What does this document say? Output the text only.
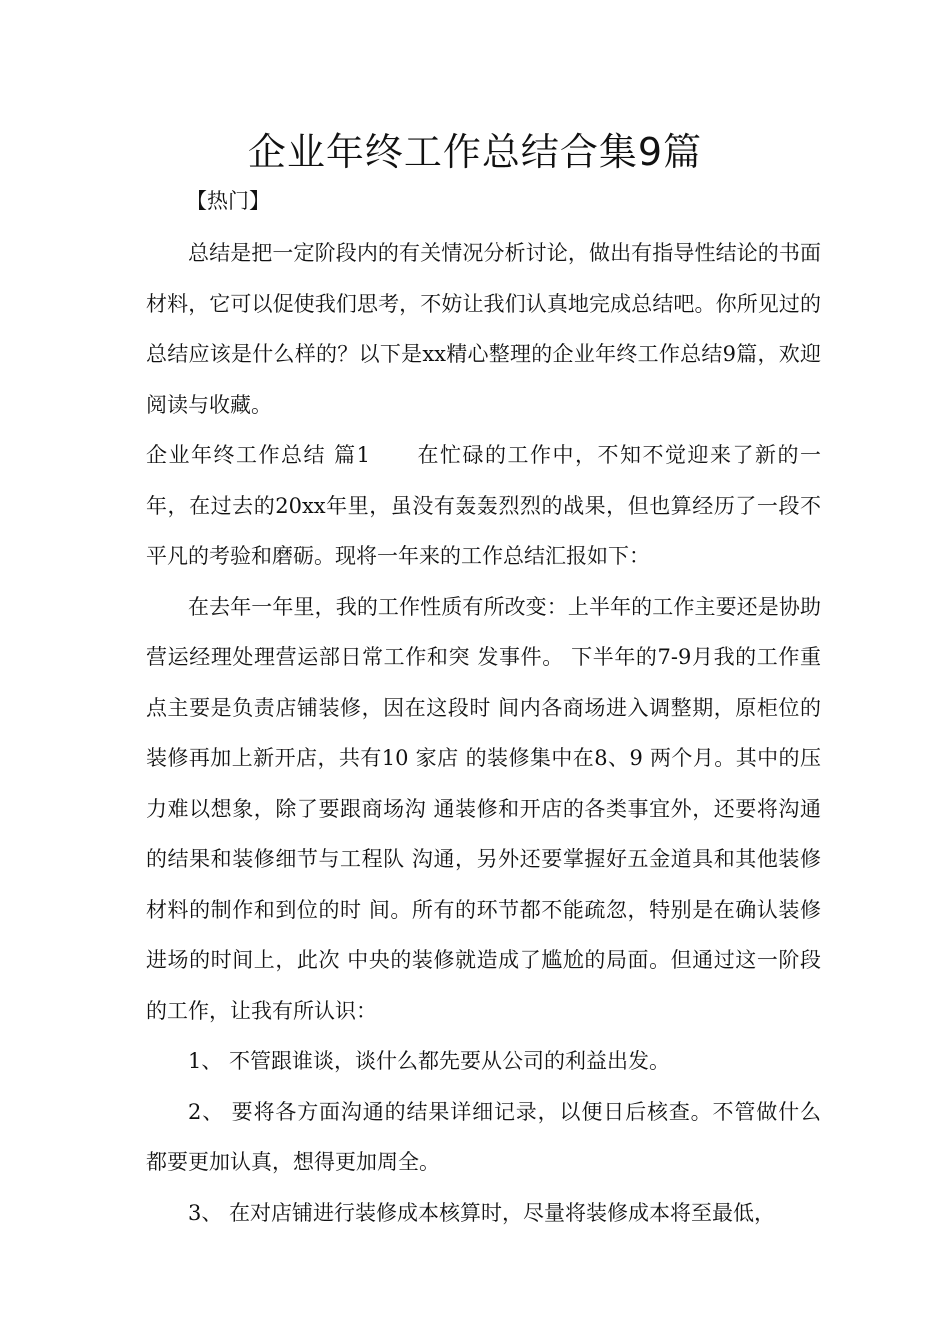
企业年终工作总结合集9篇
【热门】

总结是把一定阶段内的有关情况分析讨论，做出有指导性结论的书面材料，它可以促使我们思考，不妨让我们认真地完成总结吧。你所见过的总结应该是什么样的？以下是xx精心整理的企业年终工作总结9篇，欢迎阅读与收藏。

企业年终工作总结 篇1 在忙碌的工作中，不知不觉迎来了新的一年，在过去的20xx年里，虽没有轰轰烈烈的战果，但也算经历了一段不平凡的考验和磨砺。现将一年来的工作总结汇报如下：

在去年一年里，我的工作性质有所改变：上半年的工作主要还是协助营运经理处理营运部日常工作和突 发事件。 下半年的7-9月我的工作重点主要是负责店铺装修，因在这段时 间内各商场进入调整期，原柜位的装修再加上新开店，共有10 家店 的装修集中在8、9 两个月。其中的压力难以想象，除了要跟商场沟 通装修和开店的各类事宜外，还要将沟通的结果和装修细节与工程队 沟通，另外还要掌握好五金道具和其他装修材料的制作和到位的时 间。所有的环节都不能疏忽，特别是在确认装修进场的时间上，此次 中央的装修就造成了尴尬的局面。但通过这一阶段的工作，让我有所认识：

1、 不管跟谁谈，谈什么都先要从公司的利益出发。

2、 要将各方面沟通的结果详细记录，以便日后核查。不管做什么 都要更加认真，想得更加周全。

3、 在对店铺进行装修成本核算时，尽量将装修成本将至最低，
